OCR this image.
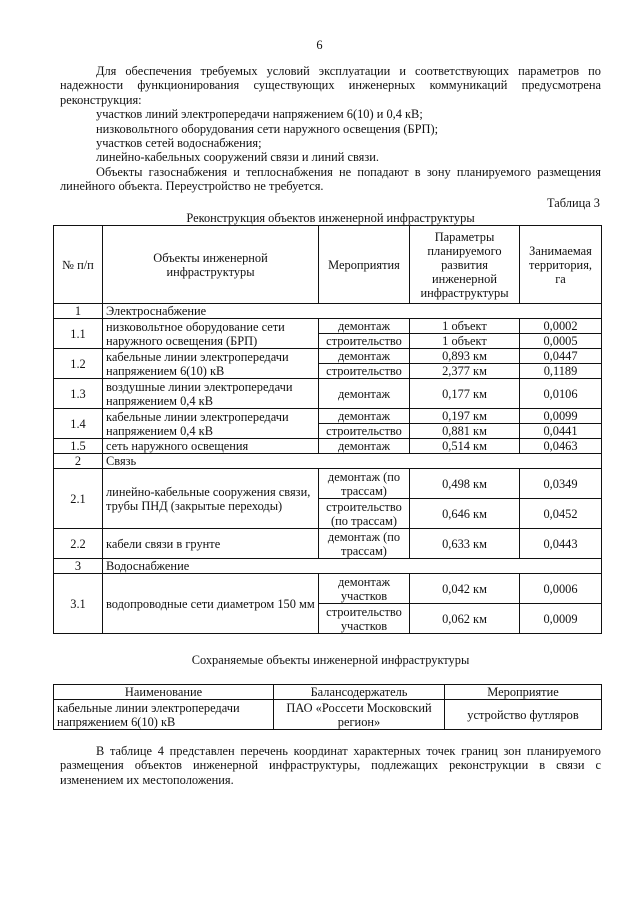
6

Для обеспечения требуемых условий эксплуатации и соответствующих параметров по надежности функционирования существующих инженерных коммуникаций предусмотрена реконструкция:

участков линий электропередачи напряжением 6(10) и 0,4 кВ;

низковольтного оборудования сети наружного освещения (БРП);

участков сетей водоснабжения;

линейно-кабельных сооружений связи и линий связи.

Объекты газоснабжения и теплоснабжения не попадают в зону планируемого размещения линейного объекта. Переустройство не требуется.

Таблица 3
Реконструкция объектов инженерной инфраструктуры
№ п/п	Объекты инженерной инфраструктуры	Мероприятия	Параметры планируемого развития инженерной инфраструктуры	Занимаемая территория, га
1	Электроснабжение			
1.1	низковольтное оборудование сети наружного освещения (БРП)	демонтаж	1 объект	0,0002
		строительство	1 объект	0,0005
1.2	кабельные линии электропередачи напряжением 6(10) кВ	демонтаж	0,893 км	0,0447
		строительство	2,377 км	0,1189
1.3	воздушные линии электропередачи напряжением 0,4 кВ	демонтаж	0,177 км	0,0106
1.4	кабельные линии электропередачи напряжением 0,4 кВ	демонтаж	0,197 км	0,0099
		строительство	0,881 км	0,0441
1.5	сеть наружного освещения	демонтаж	0,514 км	0,0463
2	Связь			
2.1	линейно-кабельные сооружения связи, трубы ПНД (закрытые переходы)	демонтаж (по трассам)	0,498 км	0,0349
		строительство (по трассам)	0,646 км	0,0452
2.2	кабели связи в грунте	демонтаж (по трассам)	0,633 км	0,0443
3	Водоснабжение			
3.1	водопроводные сети диаметром 150 мм	демонтаж участков	0,042 км	0,0006
		строительство участков	0,062 км	0,0009
Сохраняемые объекты инженерной инфраструктуры
Наименование	Балансодержатель	Мероприятие
кабельные линии электропередачи напряжением 6(10) кВ	ПАО «Россети Московский регион»	устройство футляров

В таблице 4 представлен перечень координат характерных точек границ зон планируемого размещения объектов инженерной инфраструктуры, подлежащих реконструкции в связи с изменением их местоположения.
